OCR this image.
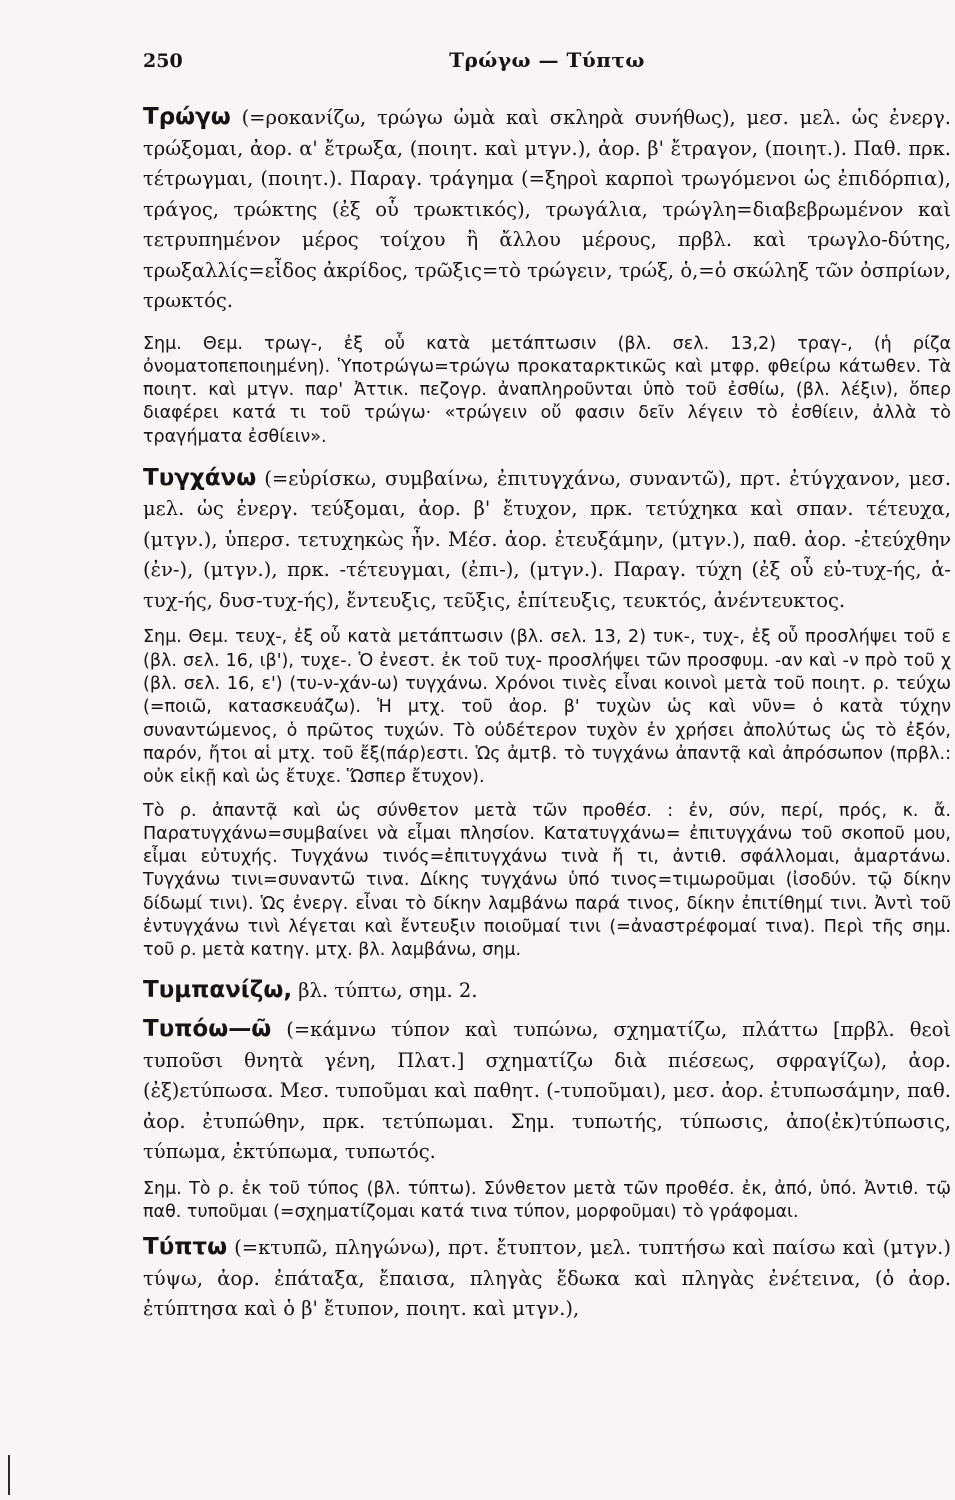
250	Τρώγω — Τύπτω

Τρώγω (=ροκανίζω, τρώγω ὠμὰ καὶ σκληρὰ συνήθως), μεσ. μελ. ὡς ἐνεργ. τρώξομαι, ἀορ. α' ἔτρωξα, (ποιητ. καὶ μτγν.), ἀορ. β' ἔτραγον, (ποιητ.). Παθ. πρκ. τέτρωγμαι, (ποιητ.). Παραγ. τράγημα (=ξηροὶ καρποὶ τρωγόμενοι ὡς ἐπιδόρπια), τράγος, τρώκτης (ἐξ οὗ τρωκτικός), τρωγάλια, τρώγλη=διαβεβρωμένον καὶ τετρυπημένον μέρος τοίχου ἢ ἄλλου μέρους, πρβλ. καὶ τρωγλο-δύτης, τρωξαλλίς=εἶδος ἀκρίδος, τρῶξις=τὸ τρώγειν, τρώξ, ὁ,=ὁ σκώληξ τῶν ὀσπρίων, τρωκτός.

Σημ. Θεμ. τρωγ-, ἐξ οὗ κατὰ μετάπτωσιν (βλ. σελ. 13,2) τραγ-, (ἡ ρίζα ὀνοματοπεποιημένη). Ὑποτρώγω=τρώγω προκαταρκτικῶς καὶ μτφρ. φθείρω κάτωθεν. Τὰ ποιητ. καὶ μτγν. παρ' Ἀττικ. πεζογρ. ἀναπληροῦνται ὑπὸ τοῦ ἐσθίω, (βλ. λέξιν), ὅπερ διαφέρει κατά τι τοῦ τρώγω· «τρώγειν οὔ φασιν δεῖν λέγειν τὸ ἐσθίειν, ἀλλὰ τὸ τραγήματα ἐσθίειν».

Τυγχάνω (=εὑρίσκω, συμβαίνω, ἐπιτυγχάνω, συναντῶ), πρτ. ἐτύγχανον, μεσ. μελ. ὡς ἐνεργ. τεύξομαι, ἀορ. β' ἔτυχον, πρκ. τετύχηκα καὶ σπαν. τέτευχα, (μτγν.), ὑπερσ. τετυχηκὼς ἦν. Μέσ. ἀορ. ἐτευξάμην, (μτγν.), παθ. ἀορ. -ἐτεύχθην (ἐν-), (μτγν.), πρκ. -τέτευγμαι, (ἐπι-), (μτγν.). Παραγ. τύχη (ἐξ οὗ εὐ-τυχ-ής, ἀ-τυχ-ής, δυσ-τυχ-ής), ἔντευξις, τεῦξις, ἐπίτευξις, τευκτός, ἀνέντευκτος.

Σημ. Θεμ. τευχ-, ἐξ οὗ κατὰ μετάπτωσιν (βλ. σελ. 13, 2) τυκ-, τυχ-, ἐξ οὗ προσλήψει τοῦ ε (βλ. σελ. 16, ιβ'), τυχε-. Ὁ ἐνεστ. ἐκ τοῦ τυχ- προσλήψει τῶν προσφυμ. -αν καὶ -ν πρὸ τοῦ χ (βλ. σελ. 16, ε') (τυ-ν-χάν-ω) τυγχάνω. Χρόνοι τινὲς εἶναι κοινοὶ μετὰ τοῦ ποιητ. ρ. τεύχω (=ποιῶ, κατασκευάζω). Ἡ μτχ. τοῦ ἀορ. β' τυχὼν ὡς καὶ νῦν= ὁ κατὰ τύχην συναντώμενος, ὁ πρῶτος τυχών. Τὸ οὐδέτερον τυχὸν ἐν χρήσει ἀπολύτως ὡς τὸ ἐξόν, παρόν, ἤτοι αἱ μτχ. τοῦ ἔξ(πάρ)εστι. Ὡς ἀμτβ. τὸ τυγχάνω ἀπαντᾷ καὶ ἀπρόσωπον (πρβλ.: οὐκ εἰκῇ καὶ ὡς ἔτυχε. Ὥσπερ ἔτυχον).

Τὸ ρ. ἀπαντᾷ καὶ ὡς σύνθετον μετὰ τῶν προθέσ. : ἐν, σύν, περί, πρός, κ. ἄ. Παρατυγχάνω=συμβαίνει νὰ εἶμαι πλησίον. Κατατυγχάνω= ἐπιτυγχάνω τοῦ σκοποῦ μου, εἶμαι εὐτυχής. Τυγχάνω τινός=ἐπιτυγχάνω τινὰ ἤ τι, ἀντιθ. σφάλλομαι, ἁμαρτάνω. Τυγχάνω τινι=συναντῶ τινα. Δίκης τυγχάνω ὑπό τινος=τιμωροῦμαι (ἰσοδύν. τῷ δίκην δίδωμί τινι). Ὡς ἐνεργ. εἶναι τὸ δίκην λαμβάνω παρά τινος, δίκην ἐπιτίθημί τινι. Ἀντὶ τοῦ ἐντυγχάνω τινὶ λέγεται καὶ ἔντευξιν ποιοῦμαί τινι (=ἀναστρέφομαί τινα). Περὶ τῆς σημ. τοῦ ρ. μετὰ κατηγ. μτχ. βλ. λαμβάνω, σημ.

Τυμπανίζω, βλ. τύπτω, σημ. 2.

Τυπόω—ῶ (=κάμνω τύπον καὶ τυπώνω, σχηματίζω, πλάττω [πρβλ. θεοὶ τυποῦσι θνητὰ γένη, Πλατ.] σχηματίζω διὰ πιέσεως, σφραγίζω), ἀορ. (ἐξ)ετύπωσα. Μεσ. τυποῦμαι καὶ παθητ. (-τυποῦμαι), μεσ. ἀορ. ἐτυπωσάμην, παθ. ἀορ. ἐτυπώθην, πρκ. τετύπωμαι. Σημ. τυπωτής, τύπωσις, ἀπο(ἐκ)τύπωσις, τύπωμα, ἐκτύπωμα, τυπωτός.

Σημ. Τὸ ρ. ἐκ τοῦ τύπος (βλ. τύπτω). Σύνθετον μετὰ τῶν προθέσ. ἐκ, ἀπό, ὑπό. Ἀντιθ. τῷ παθ. τυποῦμαι (=σχηματίζομαι κατά τινα τύπον, μορφοῦμαι) τὸ γράφομαι.

Τύπτω (=κτυπῶ, πληγώνω), πρτ. ἔτυπτον, μελ. τυπτήσω καὶ παίσω καὶ (μτγν.) τύψω, ἀορ. ἐπάταξα, ἔπαισα, πληγὰς ἔδωκα καὶ πληγὰς ἐνέτεινα, (ὁ ἀορ. ἐτύπτησα καὶ ὁ β' ἔτυπον, ποιητ. καὶ μτγν.),
